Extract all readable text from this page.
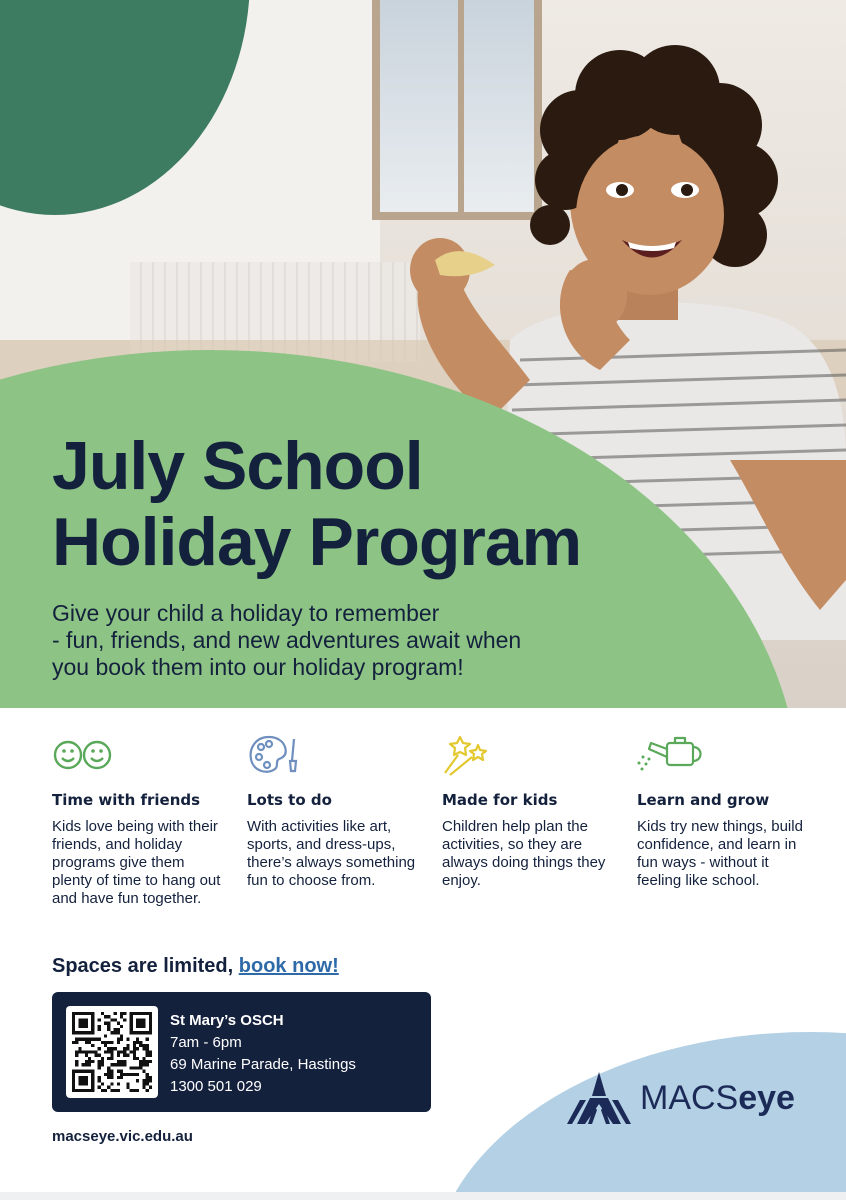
July School
Holiday Program

Give your child a holiday to remember
- fun, friends, and new adventures await when
you book them into our holiday program!

Time with friends
Kids love being with their friends, and holiday programs give them plenty of time to hang out and have fun together.
Lots to do
With activities like art, sports, and dress-ups, there’s always something fun to choose from.
Made for kids
Children help plan the activities, so they are always doing things they enjoy.
Learn and grow
Kids try new things, build confidence, and learn in fun ways - without it feeling like school.
Spaces are limited, book now!
St Mary’s OSCH
7am - 6pm
69 Marine Parade, Hastings
1300 501 029
macseye.vic.edu.au
MACSeye
